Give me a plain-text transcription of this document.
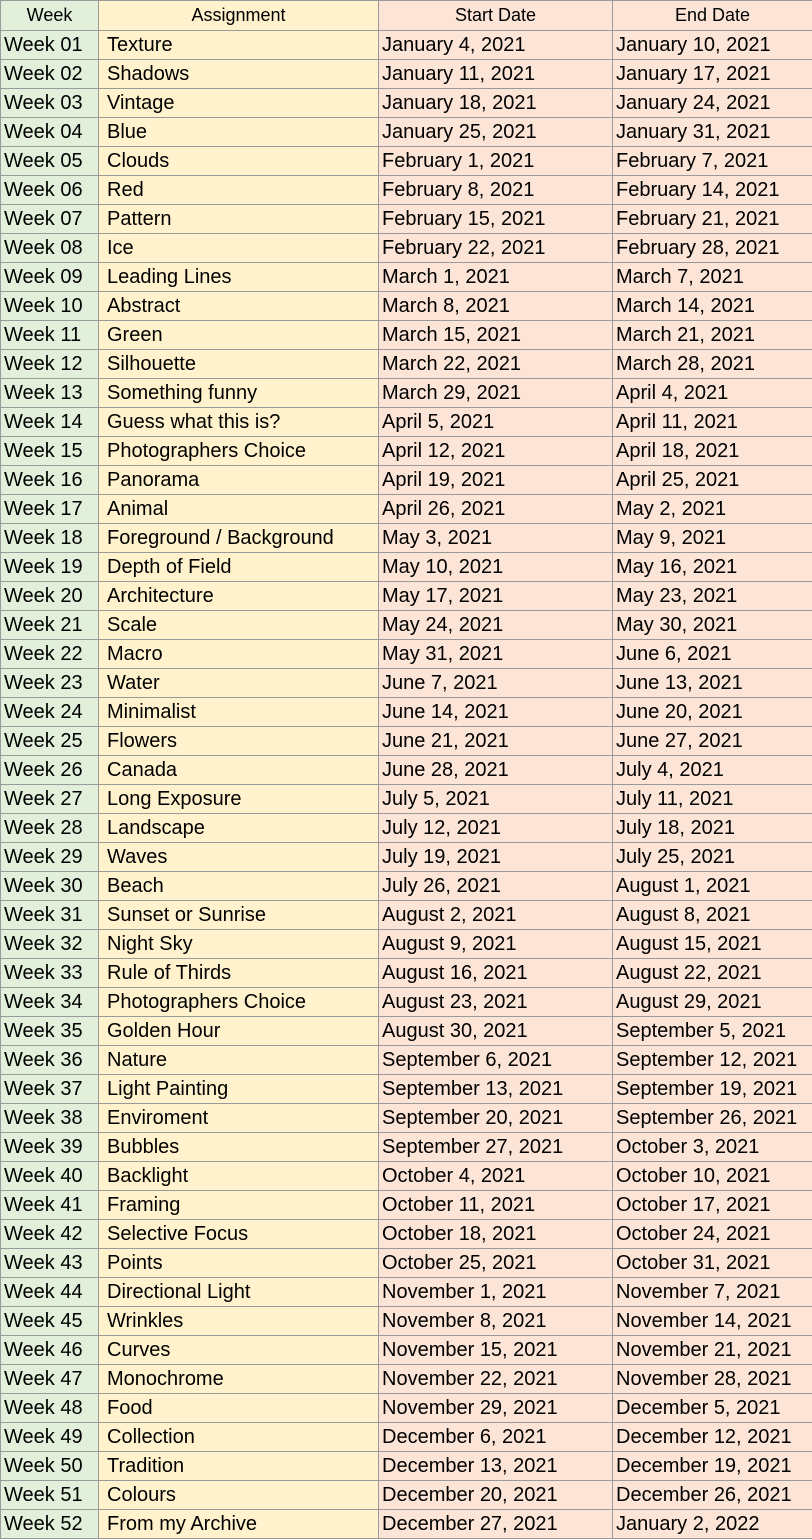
Week	Assignment	Start Date	End Date
Week 01	Texture	January 4, 2021	January 10, 2021
Week 02	Shadows	January 11, 2021	January 17, 2021
Week 03	Vintage	January 18, 2021	January 24, 2021
Week 04	Blue	January 25, 2021	January 31, 2021
Week 05	Clouds	February 1, 2021	February 7, 2021
Week 06	Red	February 8, 2021	February 14, 2021
Week 07	Pattern	February 15, 2021	February 21, 2021
Week 08	Ice	February 22, 2021	February 28, 2021
Week 09	Leading Lines	March 1, 2021	March 7, 2021
Week 10	Abstract	March 8, 2021	March 14, 2021
Week 11	Green	March 15, 2021	March 21, 2021
Week 12	Silhouette	March 22, 2021	March 28, 2021
Week 13	Something funny	March 29, 2021	April 4, 2021
Week 14	Guess what this is?	April 5, 2021	April 11, 2021
Week 15	Photographers Choice	April 12, 2021	April 18, 2021
Week 16	Panorama	April 19, 2021	April 25, 2021
Week 17	Animal	April 26, 2021	May 2, 2021
Week 18	Foreground / Background	May 3, 2021	May 9, 2021
Week 19	Depth of Field	May 10, 2021	May 16, 2021
Week 20	Architecture	May 17, 2021	May 23, 2021
Week 21	Scale	May 24, 2021	May 30, 2021
Week 22	Macro	May 31, 2021	June 6, 2021
Week 23	Water	June 7, 2021	June 13, 2021
Week 24	Minimalist	June 14, 2021	June 20, 2021
Week 25	Flowers	June 21, 2021	June 27, 2021
Week 26	Canada	June 28, 2021	July 4, 2021
Week 27	Long Exposure	July 5, 2021	July 11, 2021
Week 28	Landscape	July 12, 2021	July 18, 2021
Week 29	Waves	July 19, 2021	July 25, 2021
Week 30	Beach	July 26, 2021	August 1, 2021
Week 31	Sunset or Sunrise	August 2, 2021	August 8, 2021
Week 32	Night Sky	August 9, 2021	August 15, 2021
Week 33	Rule of Thirds	August 16, 2021	August 22, 2021
Week 34	Photographers Choice	August 23, 2021	August 29, 2021
Week 35	Golden Hour	August 30, 2021	September 5, 2021
Week 36	Nature	September 6, 2021	September 12, 2021
Week 37	Light Painting	September 13, 2021	September 19, 2021
Week 38	Enviroment	September 20, 2021	September 26, 2021
Week 39	Bubbles	September 27, 2021	October 3, 2021
Week 40	Backlight	October 4, 2021	October 10, 2021
Week 41	Framing	October 11, 2021	October 17, 2021
Week 42	Selective Focus	October 18, 2021	October 24, 2021
Week 43	Points	October 25, 2021	October 31, 2021
Week 44	Directional Light	November 1, 2021	November 7, 2021
Week 45	Wrinkles	November 8, 2021	November 14, 2021
Week 46	Curves	November 15, 2021	November 21, 2021
Week 47	Monochrome	November 22, 2021	November 28, 2021
Week 48	Food	November 29, 2021	December 5, 2021
Week 49	Collection	December 6, 2021	December 12, 2021
Week 50	Tradition	December 13, 2021	December 19, 2021
Week 51	Colours	December 20, 2021	December 26, 2021
Week 52	From my Archive	December 27, 2021	January 2, 2022
